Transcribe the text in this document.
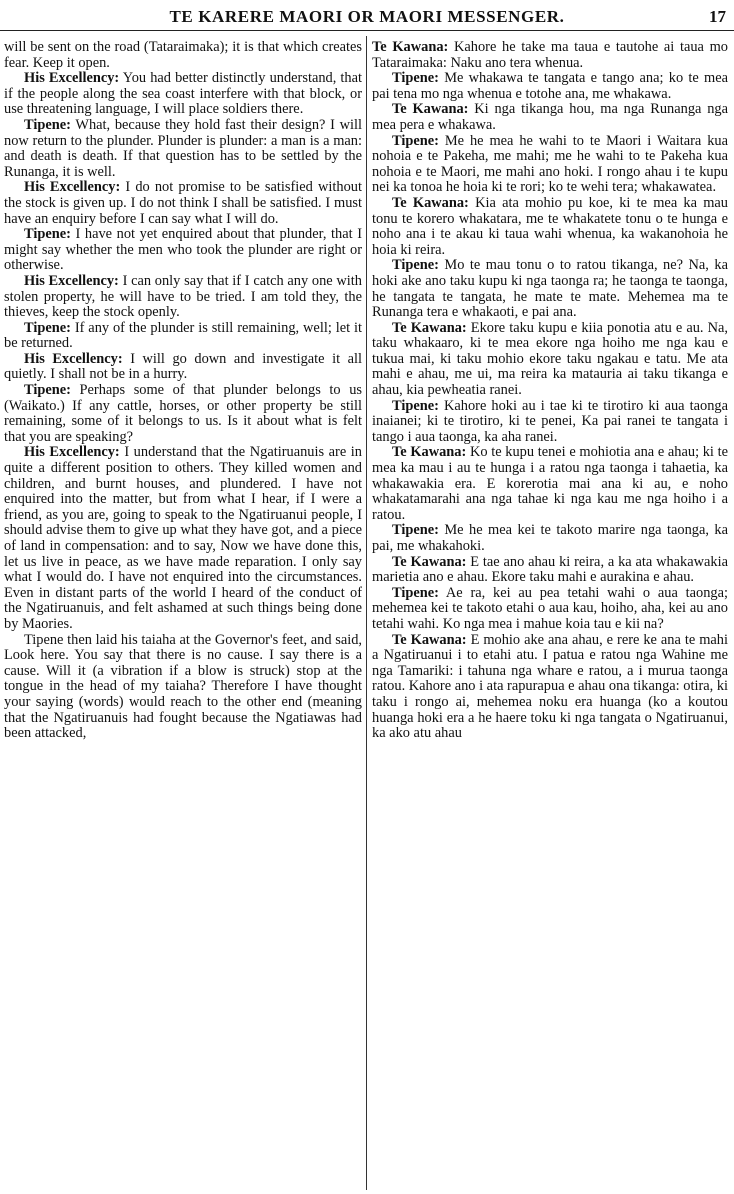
TE KARERE MAORI OR MAORI MESSENGER.	17

will be sent on the road (Tataraimaka); it is that which creates fear. Keep it open.

His Excellency: You had better distinctly understand, that if the people along the sea coast interfere with that block, or use threatening language, I will place soldiers there.

Tipene: What, because they hold fast their design? I will now return to the plunder. Plunder is plunder: a man is a man: and death is death. If that question has to be settled by the Runanga, it is well.

His Excellency: I do not promise to be satisfied without the stock is given up. I do not think I shall be satisfied. I must have an enquiry before I can say what I will do.

Tipene: I have not yet enquired about that plunder, that I might say whether the men who took the plunder are right or otherwise.

His Excellency: I can only say that if I catch any one with stolen property, he will have to be tried. I am told they, the thieves, keep the stock openly.

Tipene: If any of the plunder is still remaining, well; let it be returned.

His Excellency: I will go down and investigate it all quietly. I shall not be in a hurry.

Tipene: Perhaps some of that plunder belongs to us (Waikato.) If any cattle, horses, or other property be still remaining, some of it belongs to us. Is it about what is felt that you are speaking?

His Excellency: I understand that the Ngatiruanuis are in quite a different position to others. They killed women and children, and burnt houses, and plundered. I have not enquired into the matter, but from what I hear, if I were a friend, as you are, going to speak to the Ngatiruanui people, I should advise them to give up what they have got, and a piece of land in compensation: and to say, Now we have done this, let us live in peace, as we have made reparation. I only say what I would do. I have not enquired into the circumstances. Even in distant parts of the world I heard of the conduct of the Ngatiruanuis, and felt ashamed at such things being done by Maories.

Tipene then laid his taiaha at the Governor's feet, and said, Look here. You say that there is no cause. I say there is a cause. Will it (a vibration if a blow is struck) stop at the tongue in the head of my taiaha? Therefore I have thought your saying (words) would reach to the other end (meaning that the Ngatiruanuis had fought because the Ngatiawas had been attacked,

Te Kawana: Kahore he take ma taua e tautohe ai taua mo Tataraimaka: Naku ano tera whenua.

Tipene: Me whakawa te tangata e tango ana; ko te mea pai tena mo nga whenua e totohe ana, me whakawa.

Te Kawana: Ki nga tikanga hou, ma nga Runanga nga mea pera e whakawa.

Tipene: Me he mea he wahi to te Maori i Waitara kua nohoia e te Pakeha, me mahi; me he wahi to te Pakeha kua nohoia e te Maori, me mahi ano hoki. I rongo ahau i te kupu nei ka tonoa he hoia ki te rori; ko te wehi tera; whakawatea.

Te Kawana: Kia ata mohio pu koe, ki te mea ka mau tonu te korero whakatara, me te whakatete tonu o te hunga e noho ana i te akau ki taua wahi whenua, ka wakanohoia he hoia ki reira.

Tipene: Mo te mau tonu o to ratou tikanga, ne? Na, ka hoki ake ano taku kupu ki nga taonga ra; he taonga te taonga, he tangata te tangata, he mate te mate. Mehemea ma te Runanga tera e whakaoti, e pai ana.

Te Kawana: Ekore taku kupu e kiia ponotia atu e au. Na, taku whakaaro, ki te mea ekore nga hoiho me nga kau e tukua mai, ki taku mohio ekore taku ngakau e tatu. Me ata mahi e ahau, me ui, ma reira ka matauria ai taku tikanga e ahau, kia pewheatia ranei.

Tipene: Kahore hoki au i tae ki te tirotiro ki aua taonga inaianei; ki te tirotiro, ki te penei, Ka pai ranei te tangata i tango i aua taonga, ka aha ranei.

Te Kawana: Ko te kupu tenei e mohiotia ana e ahau; ki te mea ka mau i au te hunga i a ratou nga taonga i tahaetia, ka whakawakia era. E korerotia mai ana ki au, e noho whakatamarahi ana nga tahae ki nga kau me nga hoiho i a ratou.

Tipene: Me he mea kei te takoto marire nga taonga, ka pai, me whakahoki.

Te Kawana: E tae ano ahau ki reira, a ka ata whakawakia marietia ano e ahau. Ekore taku mahi e aurakina e ahau.

Tipene: Ae ra, kei au pea tetahi wahi o aua taonga; mehemea kei te takoto etahi o aua kau, hoiho, aha, kei au ano tetahi wahi. Ko nga mea i mahue koia tau e kii na?

Te Kawana: E mohio ake ana ahau, e rere ke ana te mahi a Ngatiruanui i to etahi atu. I patua e ratou nga Wahine me nga Tamariki: i tahuna nga whare e ratou, a i murua taonga ratou. Kahore ano i ata rapurapua e ahau ona tikanga: otira, ki taku i rongo ai, mehemea noku era huanga (ko a koutou huanga hoki era a he haere toku ki nga tangata o Ngatiruanui, ka ako atu ahau
